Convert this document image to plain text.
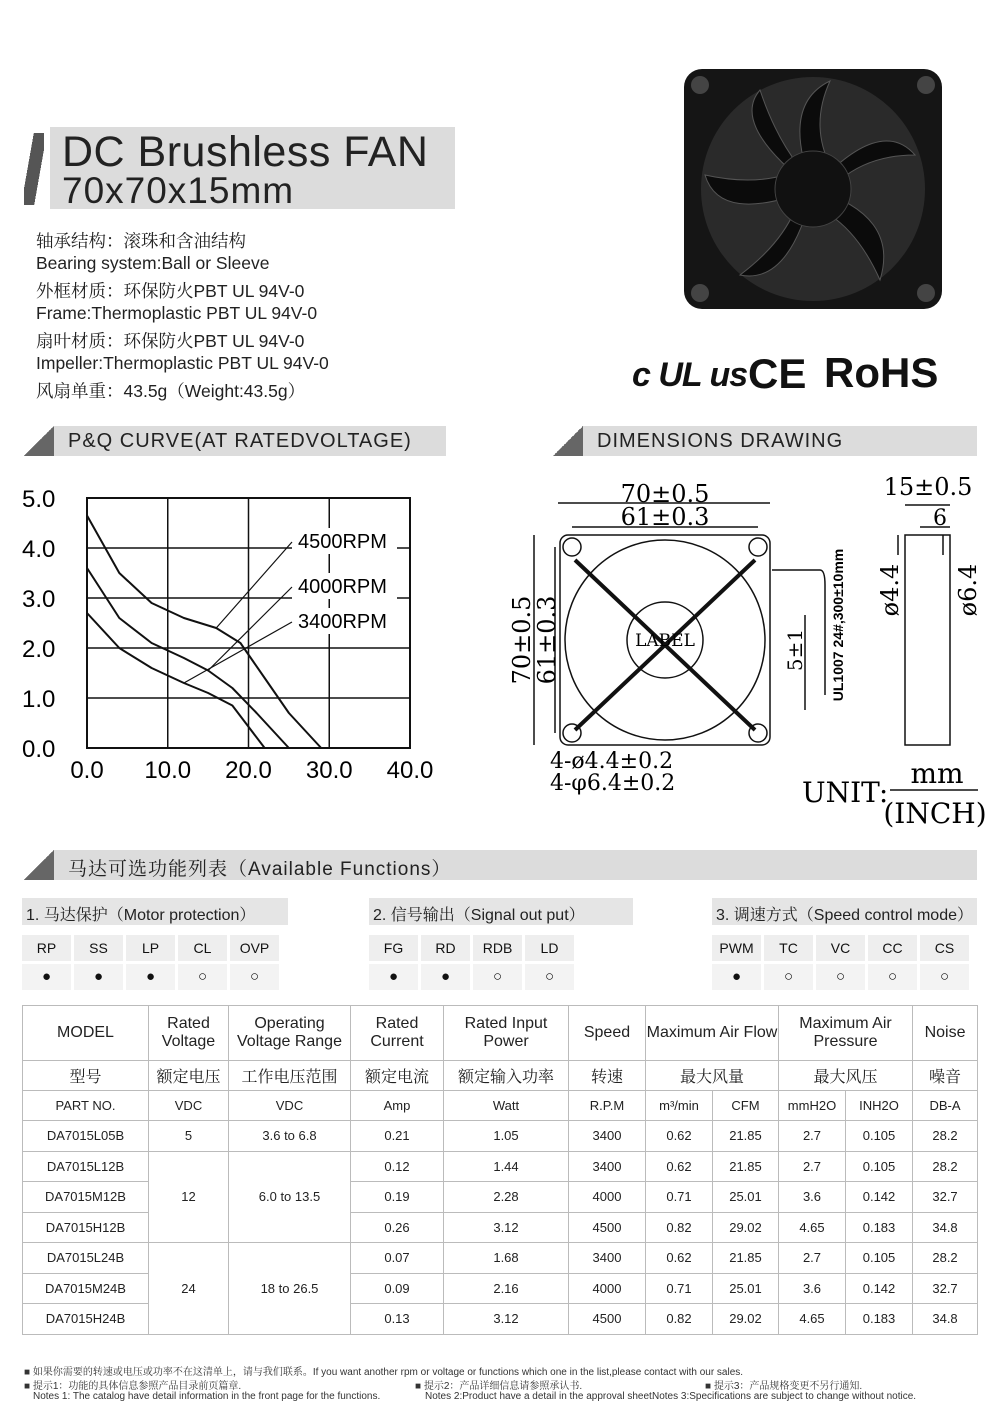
DC Brushless FAN
70x70x15mm
c UL us CE RoHS
P&Q CURVE(AT RATEDVOLTAGE)	DIMENSIONS DRAWING
5.0
4.0
3.0
2.0
1.0
0.0
0.0 10.0 20.0 30.0 40.0
4500RPM
4000RPM
3400RPM
70±0.5
61±0.3
70±0.5
61±0.3	LABEL	5±1 UL1007 24#,300±10mm
15±0.5
6
ø4.4 ø6.4
4-ø4.4±0.2
4-φ6.4±0.2	UNIT:
mm
(INCH)
马达可选功能列表（Available Functions）
MODEL	Rated Voltage	Operating Voltage Range	Rated Current	Rated Input Power	Speed	Maximum Air Flow		Maximum Air Pressure		Noise
型号	额定电压	工作电压范围	额定电流	额定输入功率	转速	最大风量		最大风压		噪音
PART NO.	VDC	VDC	Amp	Watt	R.P.M	m³/min	CFM	mmH2O	INH2O	DB-A
DA7015L05B	5	3.6 to 6.8	0.21	1.05	3400	0.62	21.85	2.7	0.105	28.2
DA7015L12B	12	6.0 to 13.5	0.12	1.44	3400	0.62	21.85	2.7	0.105	28.2
DA7015M12B			0.19	2.28	4000	0.71	25.01	3.6	0.142	32.7
DA7015H12B			0.26	3.12	4500	0.82	29.02	4.65	0.183	34.8
DA7015L24B	24	18 to 26.5	0.07	1.68	3400	0.62	21.85	2.7	0.105	28.2
DA7015M24B			0.09	2.16	4000	0.71	25.01	3.6	0.142	32.7
DA7015H24B			0.13	3.12	4500	0.82	29.02	4.65	0.183	34.8
■ 如果你需要的转速或电压或功率不在这清单上，请与我们联系。If you want another rpm or voltage or functions which one in the list,please contact with our sales.
■ 提示1：功能的具体信息参照产品目录前页篇章.	■ 提示2：产品详细信息请参照承认书.	■ 提示3：产品规格变更不另行通知.
Notes 1: The catalog have detail information in the front page for the functions.	Notes 2:Product have a detail in the approval sheet.
Notes 3:Specifications are subject to change without notice.
轴承结构：滚珠和含油结构
Bearing system:Ball or Sleeve
外框材质：环保防火PBT UL 94V-0
Frame:Thermoplastic PBT UL 94V-0
扇叶材质：环保防火PBT UL 94V-0
Impeller:Thermoplastic PBT UL 94V-0
风扇单重：43.5g（Weight:43.5g）
1. 马达保护（Motor protection）
RP
●
SS
●
LP
●
CL
○
OVP
○
2. 信号输出（Signal out put）
FG
●
RD
●
RDB
○
LD
○
3. 调速方式（Speed control mode）
PWM
●
TC
○
VC
○
CC
○
CS
○
